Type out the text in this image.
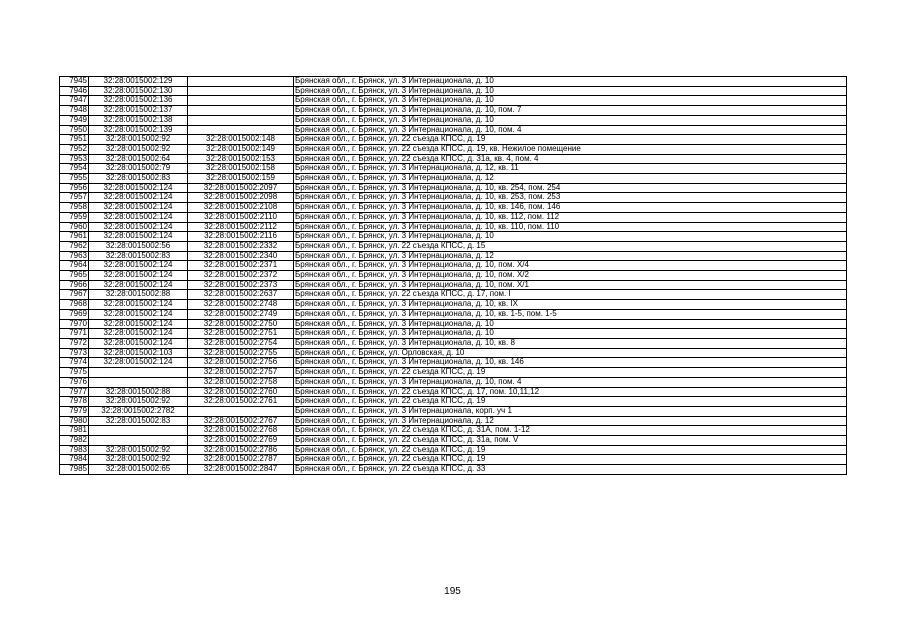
7945	32:28:0015002:129		Брянская обл., г. Брянск, ул. 3 Интернационала, д. 10
7946	32:28:0015002:130		Брянская обл., г. Брянск, ул. 3 Интернационала, д. 10
7947	32:28:0015002:136		Брянская обл., г. Брянск, ул. 3 Интернационала, д. 10
7948	32:28:0015002:137		Брянская обл., г. Брянск, ул. 3 Интернационала, д. 10, пом. 7
7949	32:28:0015002:138		Брянская обл., г. Брянск, ул. 3 Интернационала, д. 10
7950	32:28:0015002:139		Брянская обл., г. Брянск, ул. 3 Интернационала, д. 10, пом. 4
7951	32:28:0015002:92	32:28:0015002:148	Брянская обл., г. Брянск, ул. 22 съезда КПСС, д. 19
7952	32:28:0015002:92	32:28:0015002:149	Брянская обл., г. Брянск, ул. 22 съезда КПСС, д. 19, кв. Нежилое помещение
7953	32:28:0015002:64	32:28:0015002:153	Брянская обл., г. Брянск, ул. 22 съезда КПСС, д. 31а, кв. 4, пом. 4
7954	32:28:0015002:79	32:28:0015002:158	Брянская обл., г. Брянск, ул. 3 Интернационала, д. 12, кв. 11
7955	32:28:0015002:83	32:28:0015002:159	Брянская обл., г. Брянск, ул. 3 Интернационала, д. 12
7956	32:28:0015002:124	32:28:0015002:2097	Брянская обл., г. Брянск, ул. 3 Интернационала, д. 10, кв. 254, пом. 254
7957	32:28:0015002:124	32:28:0015002:2098	Брянская обл., г. Брянск, ул. 3 Интернационала, д. 10, кв. 253, пом. 253
7958	32:28:0015002:124	32:28:0015002:2108	Брянская обл., г. Брянск, ул. 3 Интернационала, д. 10, кв. 146, пом. 146
7959	32:28:0015002:124	32:28:0015002:2110	Брянская обл., г. Брянск, ул. 3 Интернационала, д. 10, кв. 112, пом. 112
7960	32:28:0015002:124	32:28:0015002:2112	Брянская обл., г. Брянск, ул. 3 Интернационала, д. 10, кв. 110, пом. 110
7961	32:28:0015002:124	32:28:0015002:2116	Брянская обл., г. Брянск, ул. 3 Интернационала, д. 10
7962	32:28:0015002:56	32:28:0015002:2332	Брянская обл., г. Брянск, ул. 22 съезда КПСС, д. 15
7963	32:28:0015002:83	32:28:0015002:2340	Брянская обл., г. Брянск, ул. 3 Интернационала, д. 12
7964	32:28:0015002:124	32:28:0015002:2371	Брянская обл., г. Брянск, ул. 3 Интернационала, д. 10, пом. Х/4
7965	32:28:0015002:124	32:28:0015002:2372	Брянская обл., г. Брянск, ул. 3 Интернационала, д. 10, пом. Х/2
7966	32:28:0015002:124	32:28:0015002:2373	Брянская обл., г. Брянск, ул. 3 Интернационала, д. 10, пом. Х/1
7967	32:28:0015002:88	32:28:0015002:2637	Брянская обл., г. Брянск, ул. 22 съезда КПСС, д. 17, пом. I
7968	32:28:0015002:124	32:28:0015002:2748	Брянская обл., г. Брянск, ул. 3 Интернационала, д. 10, кв. IX
7969	32:28:0015002:124	32:28:0015002:2749	Брянская обл., г. Брянск, ул. 3 Интернационала, д. 10, кв. 1-5, пом. 1-5
7970	32:28:0015002:124	32:28:0015002:2750	Брянская обл., г. Брянск, ул. 3 Интернационала, д. 10
7971	32:28:0015002:124	32:28:0015002:2751	Брянская обл., г. Брянск, ул. 3 Интернационала, д. 10
7972	32:28:0015002:124	32:28:0015002:2754	Брянская обл., г. Брянск, ул. 3 Интернационала, д. 10, кв. 8
7973	32:28:0015002:103	32:28:0015002:2755	Брянская обл., г. Брянск, ул. Орловская, д. 10
7974	32:28:0015002:124	32:28:0015002:2756	Брянская обл., г. Брянск, ул. 3 Интернационала, д. 10, кв. 146
7975		32:28:0015002:2757	Брянская обл., г. Брянск, ул. 22 съезда КПСС, д. 19
7976		32:28:0015002:2758	Брянская обл., г. Брянск, ул. 3 Интернационала, д. 10, пом. 4
7977	32:28:0015002:88	32:28:0015002:2760	Брянская обл., г. Брянск, ул. 22 съезда КПСС, д. 17, пом. 10,11,12
7978	32:28:0015002:92	32:28:0015002:2761	Брянская обл., г. Брянск, ул. 22 съезда КПСС, д. 19
7979	32:28:0015002:2782		Брянская обл., г. Брянск, ул. 3 Интернационала, корп. уч 1
7980	32:28:0015002:83	32:28:0015002:2767	Брянская обл., г. Брянск, ул. 3 Интернационала, д. 12
7981		32:28:0015002:2768	Брянская обл., г. Брянск, ул. 22 съезда КПСС, д. 31А, пом. 1-12
7982		32:28:0015002:2769	Брянская обл., г. Брянск, ул. 22 съезда КПСС, д. 31а, пом. V
7983	32:28:0015002:92	32:28:0015002:2786	Брянская обл., г. Брянск, ул. 22 съезда КПСС, д. 19
7984	32:28:0015002:92	32:28:0015002:2787	Брянская обл., г. Брянск, ул. 22 съезда КПСС, д. 19
7985	32:28:0015002:65	32:28:0015002:2847	Брянская обл., г. Брянск, ул. 22 съезда КПСС, д. 33
195
